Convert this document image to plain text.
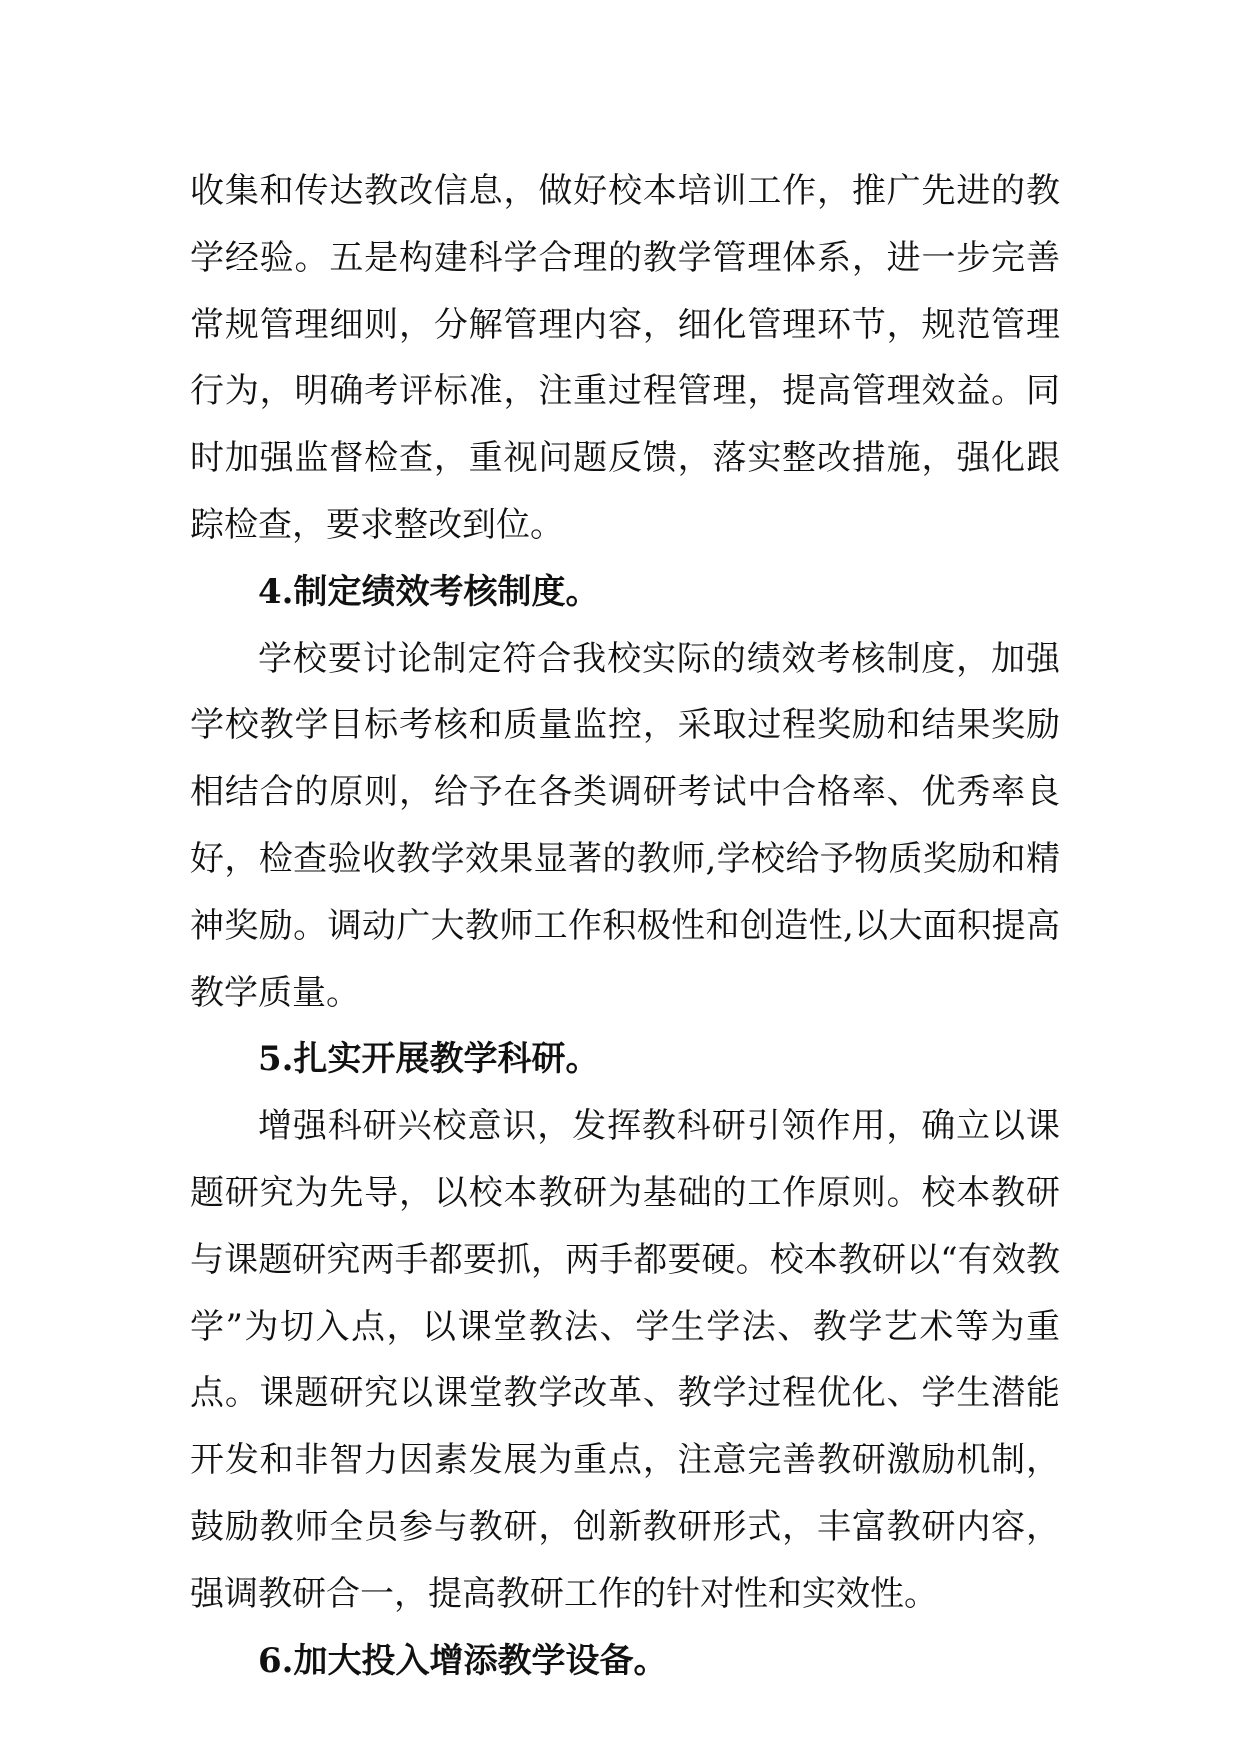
收集和传达教改信息，做好校本培训工作，推广先进的教学经验。五是构建科学合理的教学管理体系，进一步完善常规管理细则，分解管理内容，细化管理环节，规范管理行为，明确考评标准，注重过程管理，提高管理效益。同时加强监督检查，重视问题反馈，落实整改措施，强化跟踪检查，要求整改到位。

4.制定绩效考核制度。

学校要讨论制定符合我校实际的绩效考核制度，加强学校教学目标考核和质量监控，采取过程奖励和结果奖励相结合的原则，给予在各类调研考试中合格率、优秀率良好，检查验收教学效果显著的教师,学校给予物质奖励和精神奖励。调动广大教师工作积极性和创造性,以大面积提高教学质量。

5.扎实开展教学科研。

增强科研兴校意识，发挥教科研引领作用，确立以课题研究为先导，以校本教研为基础的工作原则。校本教研与课题研究两手都要抓，两手都要硬。校本教研以“有效教学”为切入点，以课堂教法、学生学法、教学艺术等为重点。课题研究以课堂教学改革、教学过程优化、学生潜能开发和非智力因素发展为重点，注意完善教研激励机制，鼓励教师全员参与教研，创新教研形式，丰富教研内容，强调教研合一，提高教研工作的针对性和实效性。

6.加大投入增添教学设备。
